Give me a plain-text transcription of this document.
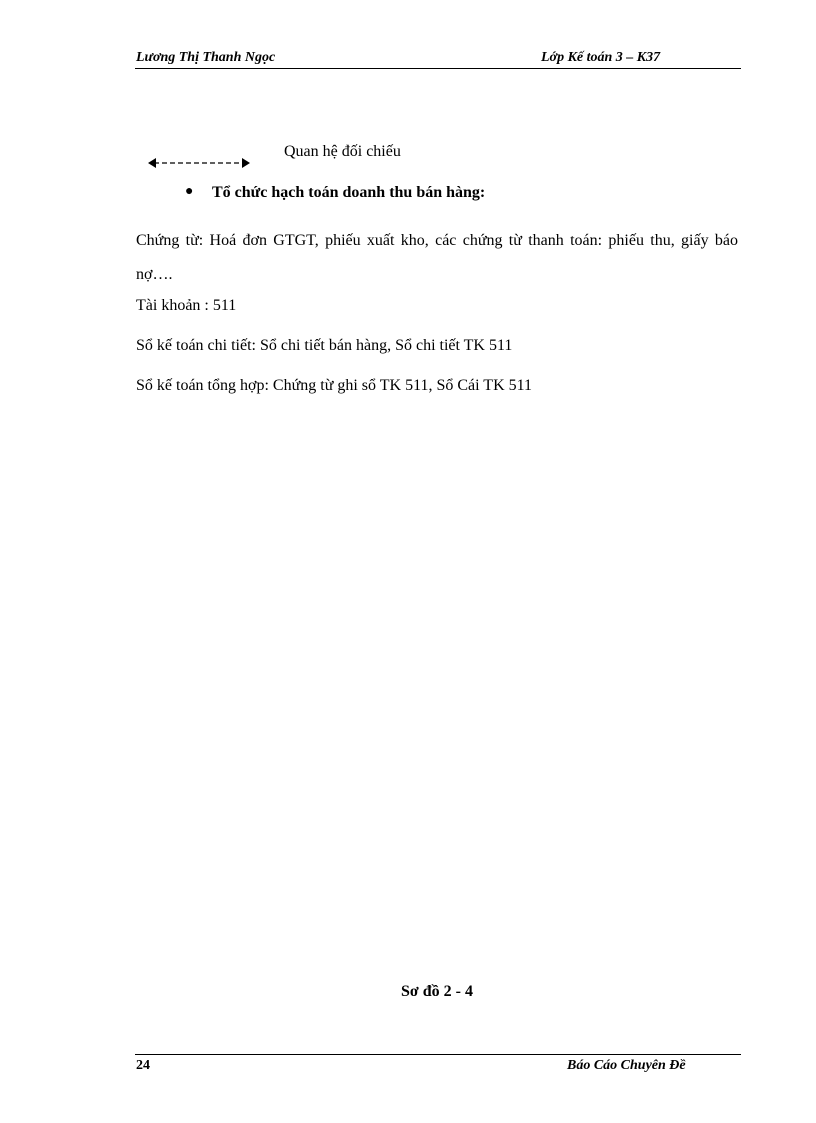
Lương Thị Thanh Ngọc	Lớp Kế toán 3 – K37
Quan hệ đối chiếu
● Tổ chức hạch toán doanh thu bán hàng:
Chứng từ: Hoá đơn GTGT, phiếu xuất kho, các chứng từ thanh toán: phiếu thu, giấy báo nợ….
Tài khoản : 511
Sổ kế toán chi tiết: Sổ chi tiết bán hàng, Sổ chi tiết TK 511
Sổ kế toán tổng hợp: Chứng từ ghi sổ TK 511, Sổ Cái TK 511
Sơ đồ 2 - 4
24	Báo Cáo Chuyên Đề
